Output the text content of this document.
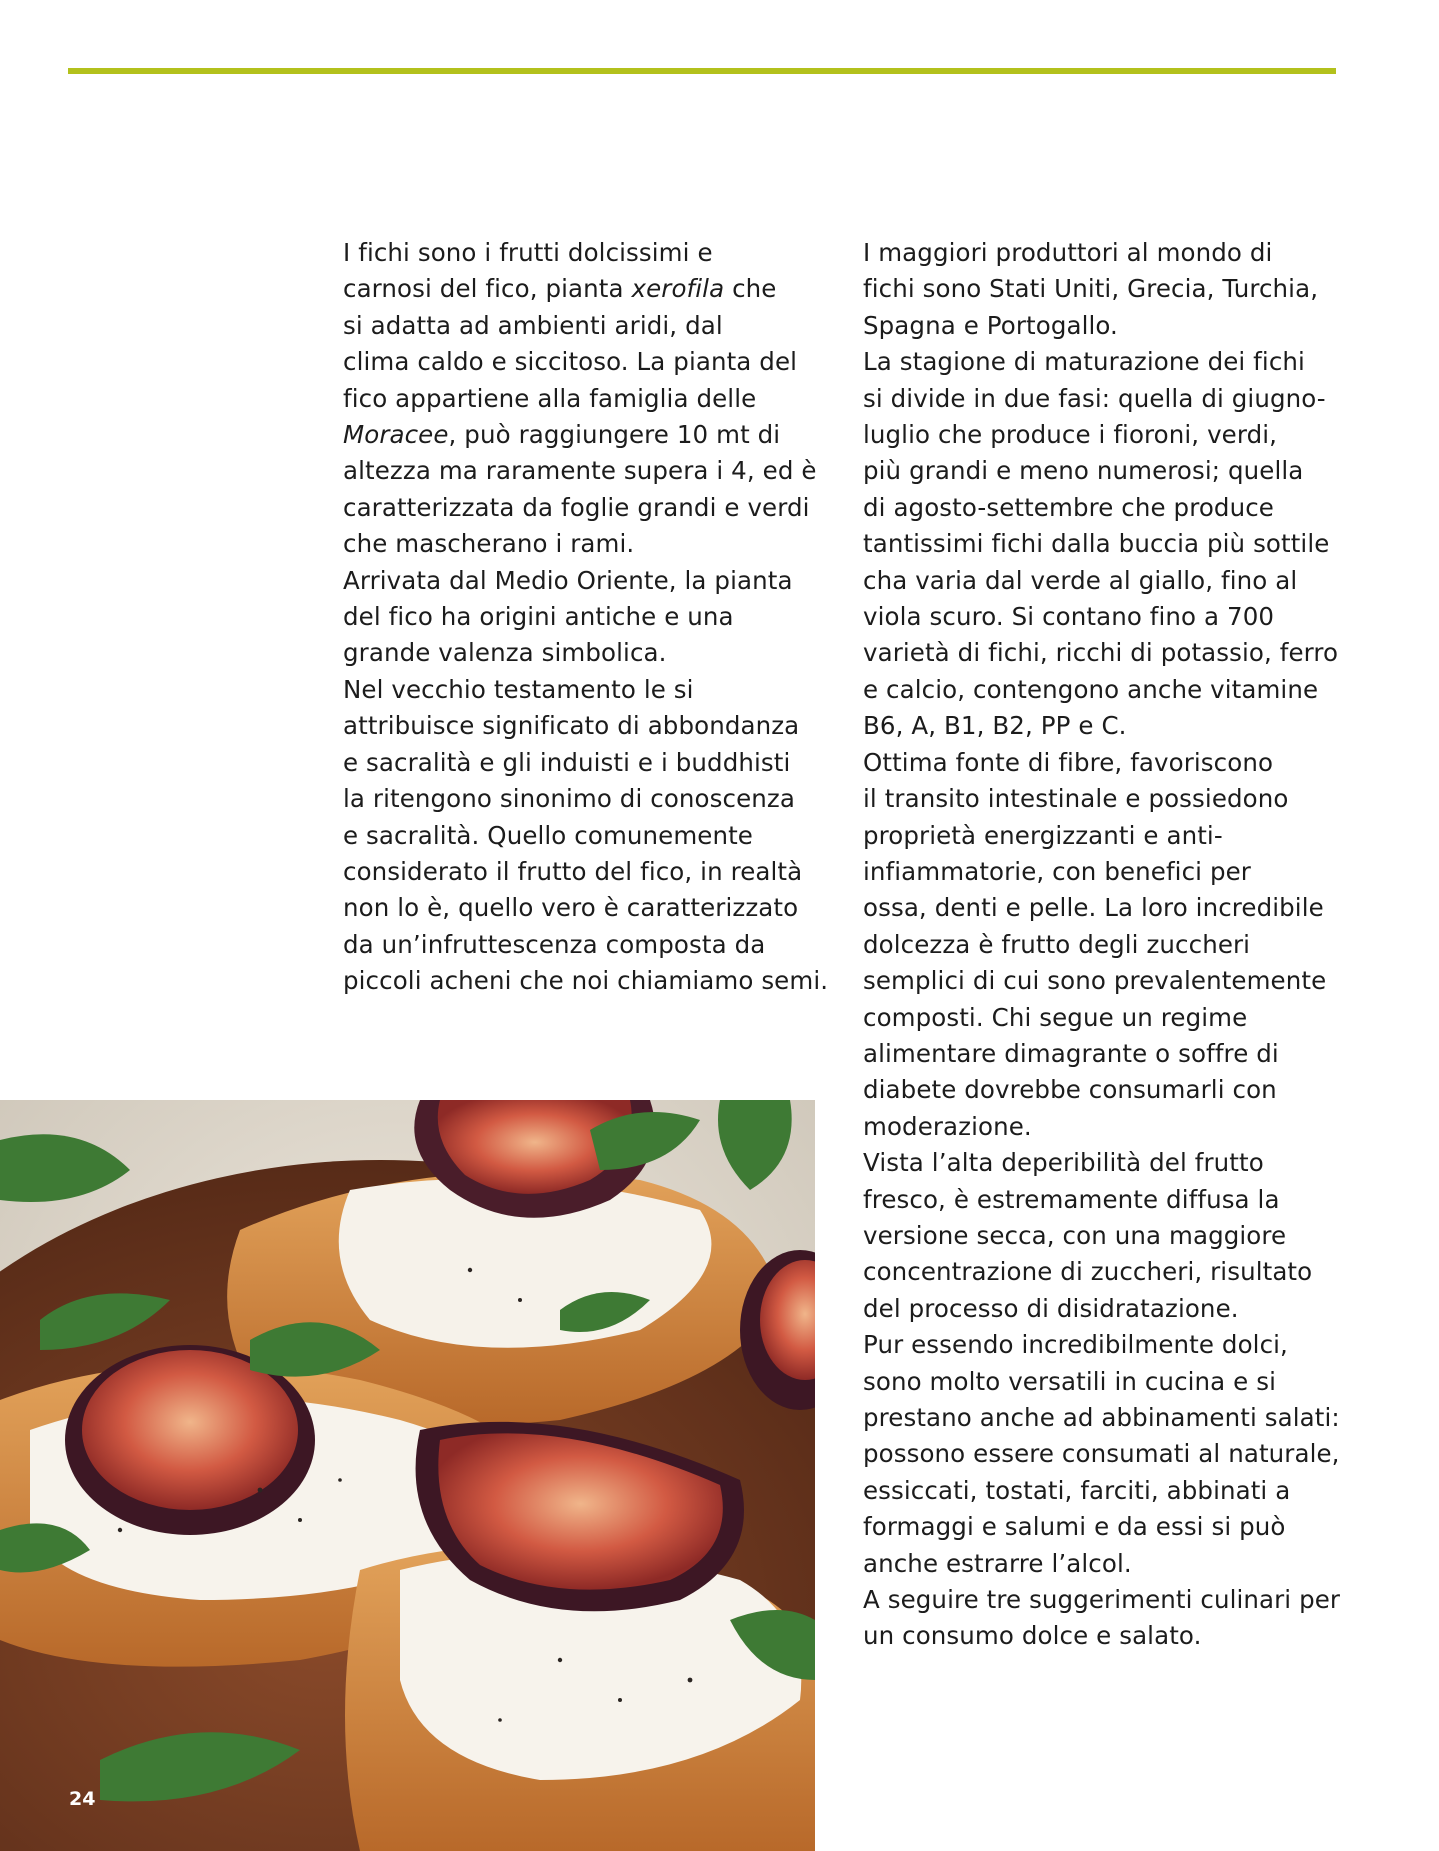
I fichi sono i frutti dolcissimi e
carnosi del fico, pianta xerofila che
si adatta ad ambienti aridi, dal
clima caldo e siccitoso. La pianta del
fico appartiene alla famiglia delle
Moracee, può raggiungere 10 mt di
altezza ma raramente supera i 4, ed è
caratterizzata da foglie grandi e verdi
che mascherano i rami.
Arrivata dal Medio Oriente, la pianta
del fico ha origini antiche e una
grande valenza simbolica.
Nel vecchio testamento le si
attribuisce significato di abbondanza
e sacralità e gli induisti e i buddhisti
la ritengono sinonimo di conoscenza
e sacralità. Quello comunemente
considerato il frutto del fico, in realtà
non lo è, quello vero è caratterizzato
da un’infruttescenza composta da
piccoli acheni che noi chiamiamo semi.
I maggiori produttori al mondo di
fichi sono Stati Uniti, Grecia, Turchia,
Spagna e Portogallo.
La stagione di maturazione dei fichi
si divide in due fasi: quella di giugno-
luglio che produce i fioroni, verdi,
più grandi e meno numerosi; quella
di agosto-settembre che produce
tantissimi fichi dalla buccia più sottile
cha varia dal verde al giallo, fino al
viola scuro. Si contano fino a 700
varietà di fichi, ricchi di potassio, ferro
e calcio, contengono anche vitamine
B6, A, B1, B2, PP e C.
Ottima fonte di fibre, favoriscono
il transito intestinale e possiedono
proprietà energizzanti e anti-
infiammatorie, con benefici per
ossa, denti e pelle. La loro incredibile
dolcezza è frutto degli zuccheri
semplici di cui sono prevalentemente
composti. Chi segue un regime
alimentare dimagrante o soffre di
diabete dovrebbe consumarli con
moderazione.
Vista l’alta deperibilità del frutto
fresco, è estremamente diffusa la
versione secca, con una maggiore
concentrazione di zuccheri, risultato
del processo di disidratazione.
Pur essendo incredibilmente dolci,
sono molto versatili in cucina e si
prestano anche ad abbinamenti salati:
possono essere consumati al naturale,
essiccati, tostati, farciti, abbinati a
formaggi e salumi e da essi si può
anche estrarre l’alcol.
A seguire tre suggerimenti culinari per
un consumo dolce e salato.
24
